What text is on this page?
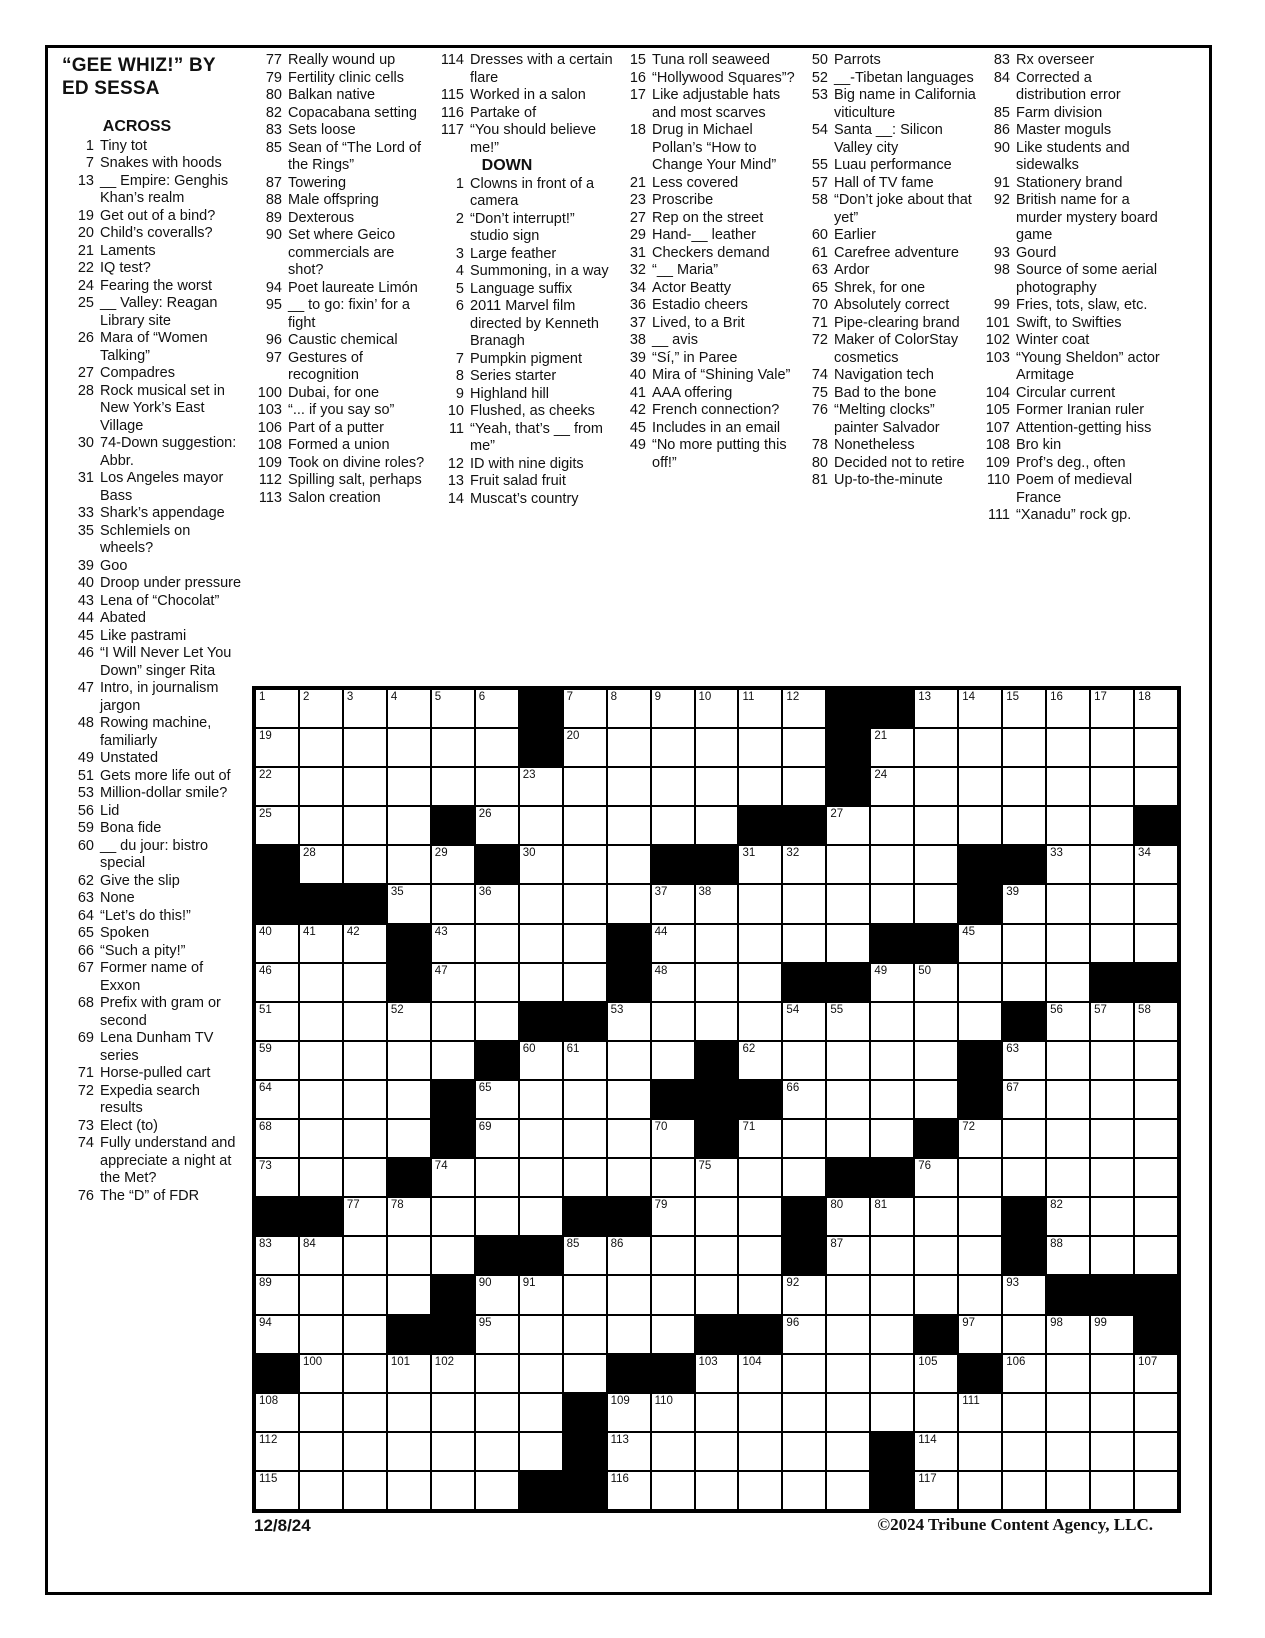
“GEE WHIZ!” BY ED SESSA
ACROSS
1 Tiny tot
7 Snakes with hoods
13 __ Empire: Genghis Khan’s realm
19 Get out of a bind?
20 Child’s coveralls?
21 Laments
22 IQ test?
24 Fearing the worst
25 __ Valley: Reagan Library site
26 Mara of “Women Talking”
27 Compadres
28 Rock musical set in New York’s East Village
30 74-Down suggestion: Abbr.
31 Los Angeles mayor Bass
33 Shark’s appendage
35 Schlemiels on wheels?
39 Goo
40 Droop under pressure
43 Lena of “Chocolat”
44 Abated
45 Like pastrami
46 “I Will Never Let You Down” singer Rita
47 Intro, in journalism jargon
48 Rowing machine, familiarly
49 Unstated
51 Gets more life out of
53 Million-dollar smile?
56 Lid
59 Bona fide
60 __ du jour: bistro special
62 Give the slip
63 None
64 “Let’s do this!”
65 Spoken
66 “Such a pity!”
67 Former name of Exxon
68 Prefix with gram or second
69 Lena Dunham TV series
71 Horse-pulled cart
72 Expedia search results
73 Elect (to)
74 Fully understand and appreciate a night at the Met?
76 The “D” of FDR
77 Really wound up
79 Fertility clinic cells
80 Balkan native
82 Copacabana setting
83 Sets loose
85 Sean of “The Lord of the Rings”
87 Towering
88 Male offspring
89 Dexterous
90 Set where Geico commercials are shot?
94 Poet laureate Limón
95 __ to go: fixin’ for a fight
96 Caustic chemical
97 Gestures of recognition
100 Dubai, for one
103 “... if you say so”
106 Part of a putter
108 Formed a union
109 Took on divine roles?
112 Spilling salt, perhaps
113 Salon creation
114 Dresses with a certain flare
115 Worked in a salon
116 Partake of
117 “You should believe me!”
DOWN
1 Clowns in front of a camera
2 “Don’t interrupt!” studio sign
3 Large feather
4 Summoning, in a way
5 Language suffix
6 2011 Marvel film directed by Kenneth Branagh
7 Pumpkin pigment
8 Series starter
9 Highland hill
10 Flushed, as cheeks
11 “Yeah, that’s __ from me”
12 ID with nine digits
13 Fruit salad fruit
14 Muscat’s country
15 Tuna roll seaweed
16 “Hollywood Squares”?
17 Like adjustable hats and most scarves
18 Drug in Michael Pollan’s “How to Change Your Mind”
21 Less covered
23 Proscribe
27 Rep on the street
29 Hand-__ leather
31 Checkers demand
32 “__ Maria”
34 Actor Beatty
36 Estadio cheers
37 Lived, to a Brit
38 __ avis
39 “Sí,” in Paree
40 Mira of “Shining Vale”
41 AAA offering
42 French connection?
45 Includes in an email
49 “No more putting this off!”
50 Parrots
52 __-Tibetan languages
53 Big name in California viticulture
54 Santa __: Silicon Valley city
55 Luau performance
57 Hall of TV fame
58 “Don’t joke about that yet”
60 Earlier
61 Carefree adventure
63 Ardor
65 Shrek, for one
70 Absolutely correct
71 Pipe-clearing brand
72 Maker of ColorStay cosmetics
74 Navigation tech
75 Bad to the bone
76 “Melting clocks” painter Salvador
78 Nonetheless
80 Decided not to retire
81 Up-to-the-minute
83 Rx overseer
84 Corrected a distribution error
85 Farm division
86 Master moguls
90 Like students and sidewalks
91 Stationery brand
92 British name for a murder mystery board game
93 Gourd
98 Source of some aerial photography
99 Fries, tots, slaw, etc.
101 Swift, to Swifties
102 Winter coat
103 “Young Sheldon” actor Armitage
104 Circular current
105 Former Iranian ruler
107 Attention-getting hiss
108 Bro kin
109 Prof’s deg., often
110 Poem of medieval France
111 “Xanadu” rock gp.
1	2	3	4	5	6	7	8	9	10	11	12	13	14	15	16	17	18
19	20	21
22	23	24
25	26	27
28	29	30	31	32	33	34
35	36	37	38	39
40	41	42	43	44	45
46	47	48	49	50
51	52	53	54	55	56	57	58
59	60	61	62	63
64	65	66	67
68	69	70	71	72
73	74	75	76
77	78	79	80	81	82
83	84	85	86	87	88
89	90	91	92	93
94	95	96	97	98	99
100	101 102	103 104	105	106	107
108	109 110	111
112	113	114
115	116	117
12/8/24	©2024 Tribune Content Agency, LLC.
